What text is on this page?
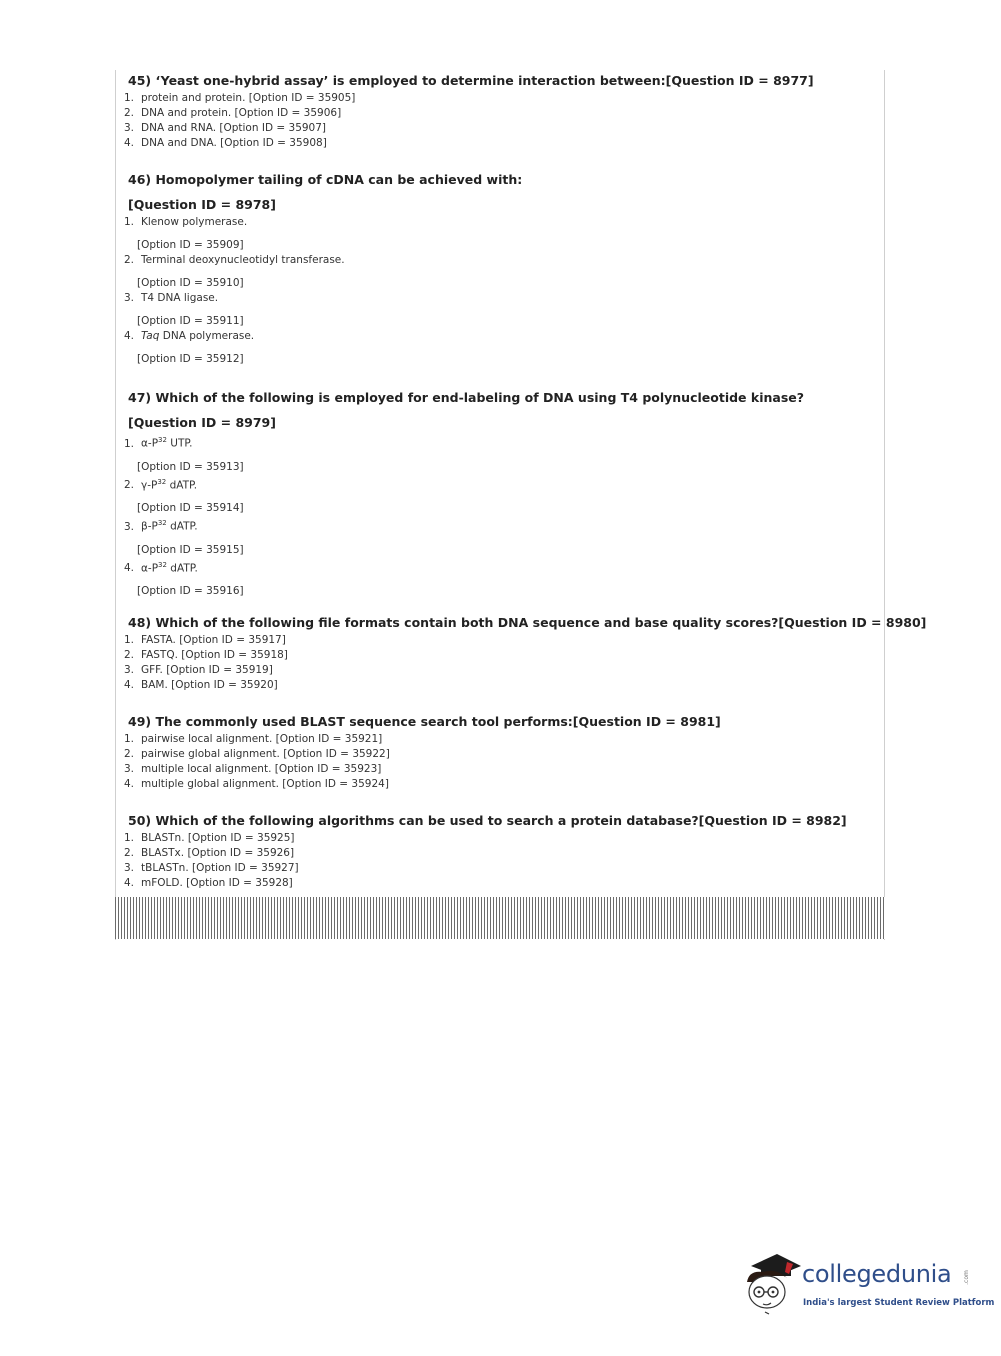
45) ‘Yeast one-hybrid assay’ is employed to determine interaction between:[Question ID = 8977]
1. protein and protein. [Option ID = 35905]
2. DNA and protein. [Option ID = 35906]
3. DNA and RNA. [Option ID = 35907]
4. DNA and DNA. [Option ID = 35908]
46) Homopolymer tailing of cDNA can be achieved with:
[Question ID = 8978]
1. Klenow polymerase.
[Option ID = 35909]
2. Terminal deoxynucleotidyl transferase.
[Option ID = 35910]
3. T4 DNA ligase.
[Option ID = 35911]
4. Taq DNA polymerase.
[Option ID = 35912]
47) Which of the following is employed for end-labeling of DNA using T4 polynucleotide kinase?
[Question ID = 8979]
1. $\alpha-P^{32}$ UTP.
[Option ID = 35913]
2. $\gamma-P^{32}$ dATP.
[Option ID = 35914]
3. $\beta-P^{32}$ dATP.
[Option ID = 35915]
4. $\alpha-P^{32}$ dATP.
[Option ID = 35916]
48) Which of the following file formats contain both DNA sequence and base quality scores?[Question ID = 8980]
1. FASTA. [Option ID = 35917]
2. FASTQ. [Option ID = 35918]
3. GFF. [Option ID = 35919]
4. BAM. [Option ID = 35920]
49) The commonly used BLAST sequence search tool performs:[Question ID = 8981]
1. pairwise local alignment. [Option ID = 35921]
2. pairwise global alignment. [Option ID = 35922]
3. multiple local alignment. [Option ID = 35923]
4. multiple global alignment. [Option ID = 35924]
50) Which of the following algorithms can be used to search a protein database?[Question ID = 8982]
1. BLASTn. [Option ID = 35925]
2. BLASTx. [Option ID = 35926]
3. tBLASTn. [Option ID = 35927]
4. mFOLD. [Option ID = 35928]
collegedunia .com
India's largest Student Review Platform
